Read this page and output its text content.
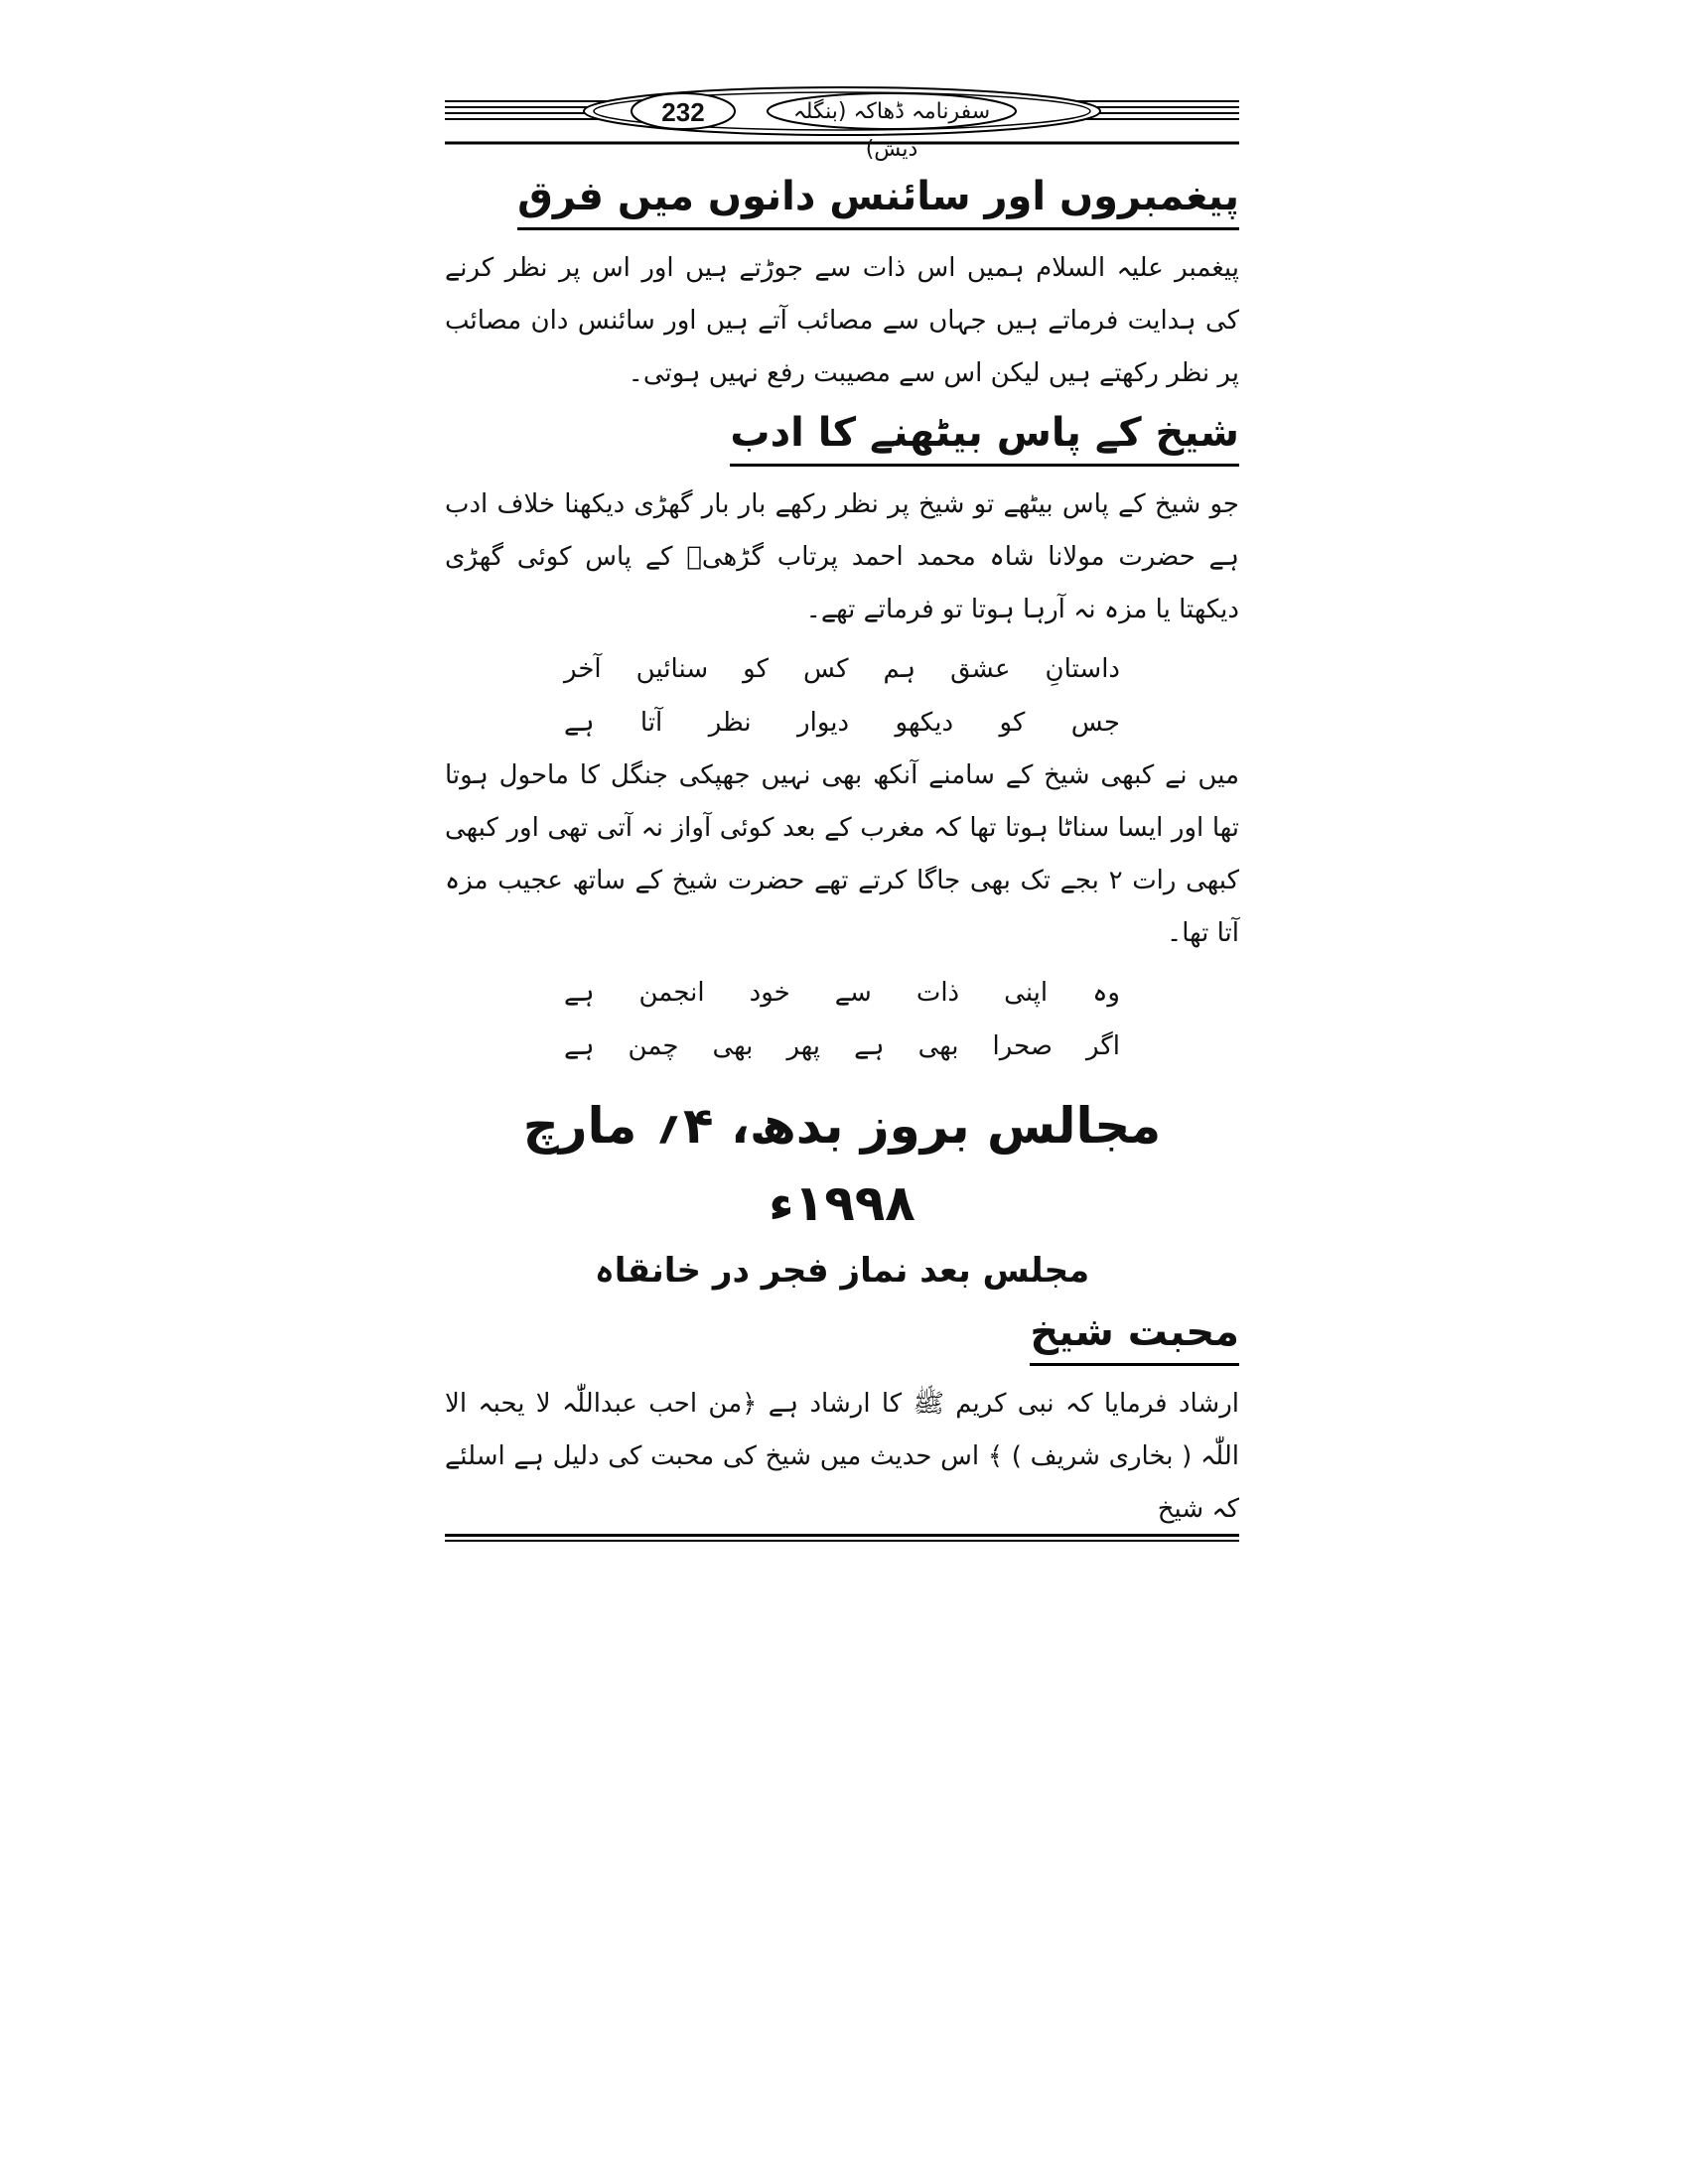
232	سفرنامہ ڈھاکہ (بنگلہ دیش)
پیغمبروں اور سائنس دانوں میں فرق

پیغمبر علیہ السلام ہمیں اس ذات سے جوڑتے ہیں اور اس پر نظر کرنے کی ہدایت فرماتے ہیں جہاں سے مصائب آتے ہیں اور سائنس دان مصائب پر نظر رکھتے ہیں لیکن اس سے مصیبت رفع نہیں ہوتی۔

شیخ کے پاس بیٹھنے کا ادب

جو شیخ کے پاس بیٹھے تو شیخ پر نظر رکھے بار بار گھڑی دیکھنا خلاف ادب ہے حضرت مولانا شاہ محمد احمد پرتاب گڑھیؒ کے پاس کوئی گھڑی دیکھتا یا مزہ نہ آرہا ہوتا تو فرماتے تھے۔

داستانِ عشق ہم کس کو سنائیں آخر
جس کو دیکھو دیوار نظر آتا ہے

میں نے کبھی شیخ کے سامنے آنکھ بھی نہیں جھپکی جنگل کا ماحول ہوتا تھا اور ایسا سناٹا ہوتا تھا کہ مغرب کے بعد کوئی آواز نہ آتی تھی اور کبھی کبھی رات ۲ بجے تک بھی جاگا کرتے تھے حضرت شیخ کے ساتھ عجیب مزہ آتا تھا۔

وہ اپنی ذات سے خود انجمن ہے
اگر صحرا بھی ہے پھر بھی چمن ہے
مجالس بروز بدھ، ۴؍ مارچ ۱۹۹۸ء
مجلس بعد نماز فجر در خانقاہ
محبت شیخ

ارشاد فرمایا کہ نبی کریم ﷺ کا ارشاد ہے ﴿من احب عبداللّٰہ لا یحبہ الا اللّٰہ ( بخاری شریف ) ﴾ اس حدیث میں شیخ کی محبت کی دلیل ہے اسلئے کہ شیخ
